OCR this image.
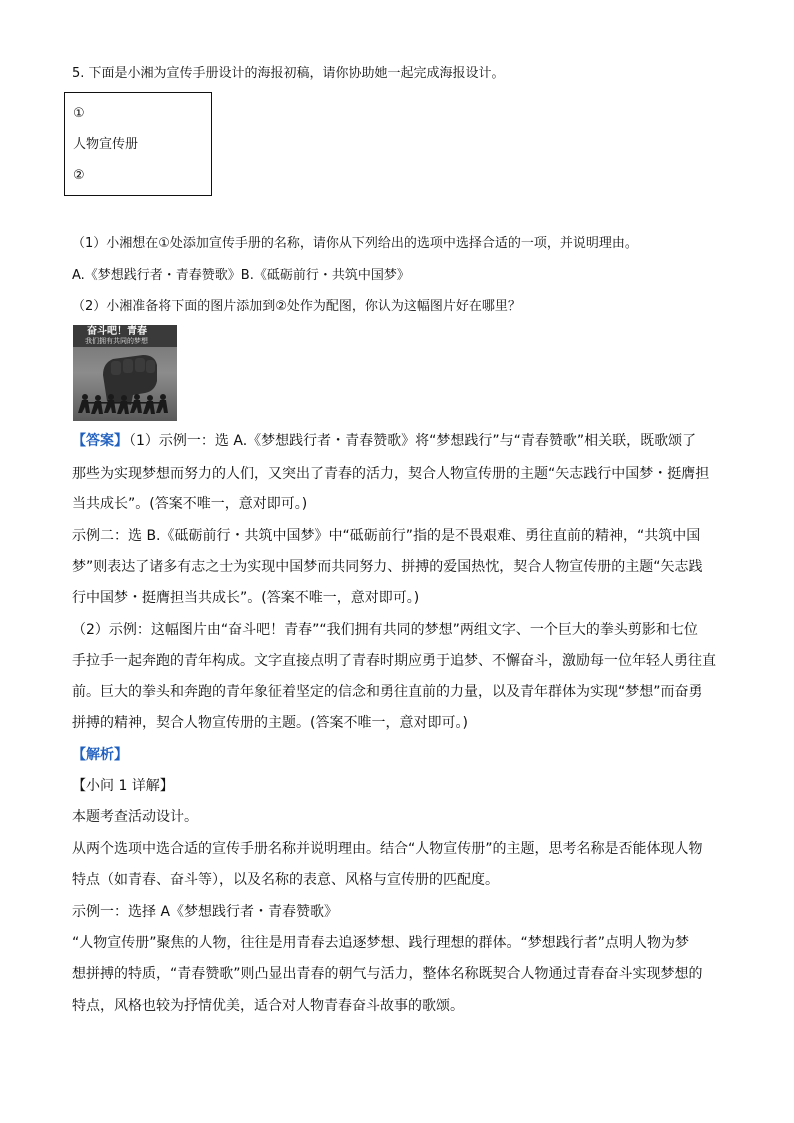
5. 下面是小湘为宣传手册设计的海报初稿，请你协助她一起完成海报设计。
①
人物宣传册
②
（1）小湘想在①处添加宣传手册的名称，请你从下列给出的选项中选择合适的一项，并说明理由。
A.《梦想践行者・青春赞歌》B.《砥砺前行・共筑中国梦》
（2）小湘准备将下面的图片添加到②处作为配图，你认为这幅图片好在哪里？
奋斗吧！青春
我们拥有共同的梦想
【答案】
（1）示例一：选 A.《梦想践行者・青春赞歌》将“梦想践行”与“青春赞歌”相关联，既歌颂了
那些为实现梦想而努力的人们，又突出了青春的活力，契合人物宣传册的主题“矢志践行中国梦・挺膺担
当共成长”。(答案不唯一，意对即可。)
示例二：选 B.《砥砺前行・共筑中国梦》中“砥砺前行”指的是不畏艰难、勇往直前的精神，“共筑中国
梦”则表达了诸多有志之士为实现中国梦而共同努力、拼搏的爱国热忱，契合人物宣传册的主题“矢志践
行中国梦・挺膺担当共成长”。(答案不唯一，意对即可。)
（2）示例：这幅图片由“奋斗吧！青春”“我们拥有共同的梦想”两组文字、一个巨大的拳头剪影和七位
手拉手一起奔跑的青年构成。文字直接点明了青春时期应勇于追梦、不懈奋斗，激励每一位年轻人勇往直
前。巨大的拳头和奔跑的青年象征着坚定的信念和勇往直前的力量，以及青年群体为实现“梦想”而奋勇
拼搏的精神，契合人物宣传册的主题。(答案不唯一，意对即可。)
【解析】
【小问 1 详解】
本题考查活动设计。
从两个选项中选合适的宣传手册名称并说明理由。结合“人物宣传册”的主题，思考名称是否能体现人物
特点（如青春、奋斗等），以及名称的表意、风格与宣传册的匹配度。
示例一：选择 A《梦想践行者・青春赞歌》
“人物宣传册”聚焦的人物，往往是用青春去追逐梦想、践行理想的群体。“梦想践行者”点明人物为梦
想拼搏的特质，“青春赞歌”则凸显出青春的朝气与活力，整体名称既契合人物通过青春奋斗实现梦想的
特点，风格也较为抒情优美，适合对人物青春奋斗故事的歌颂。
